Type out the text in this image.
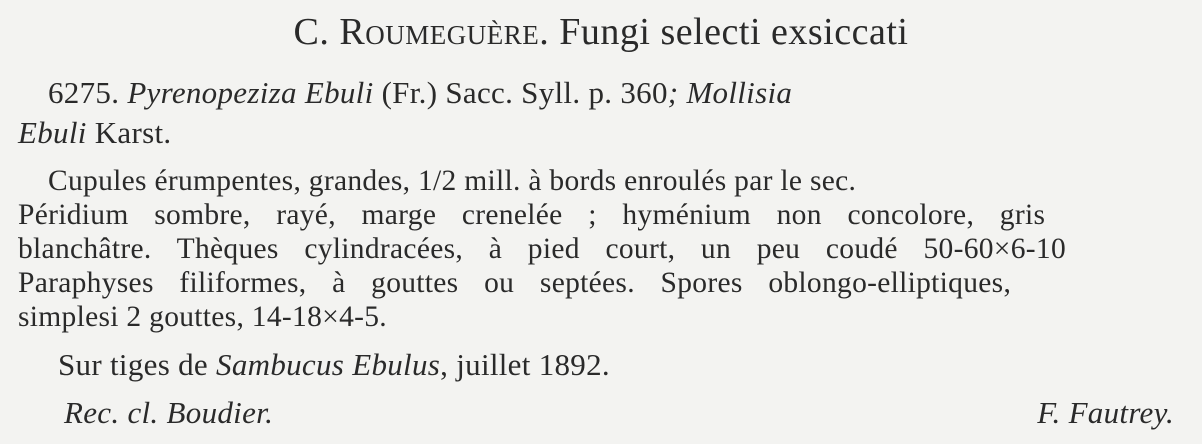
C. Roumeguère. Fungi selecti exsiccati
6275. Pyrenopeziza Ebuli (Fr.) Sacc. Syll. p. 360; Mollisia
Ebuli Karst.
Cupules érumpentes, grandes, 1/2 mill. à bords enroulés par le sec.
Péridium sombre, rayé, marge crenelée ; hyménium non concolore, gris
blanchâtre. Thèques cylindracées, à pied court, un peu coudé 50-60×6-10
Paraphyses filiformes, à gouttes ou septées. Spores oblongo-elliptiques,
simplesi 2 gouttes, 14-18×4-5.
Sur tiges de Sambucus Ebulus, juillet 1892.
Rec. cl. Boudier.	F. Fautrey.
